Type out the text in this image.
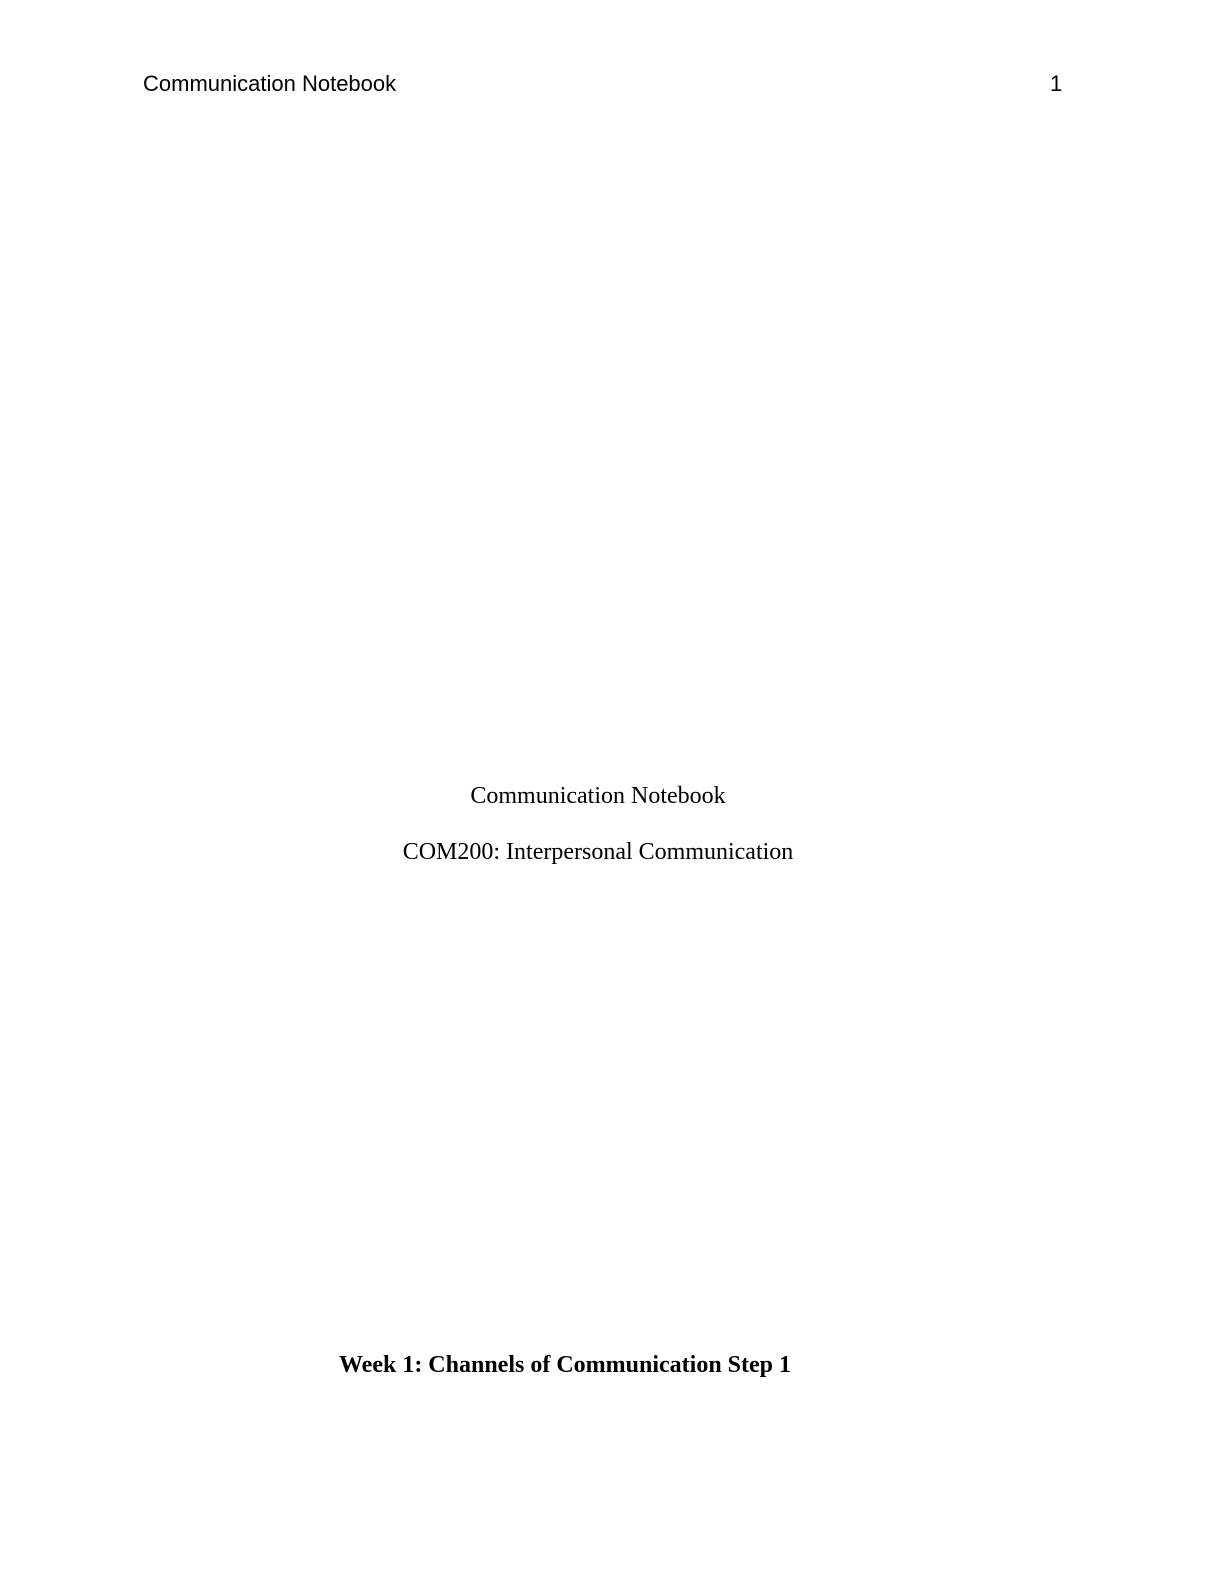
Communication Notebook	1
Communication Notebook
COM200: Interpersonal Communication
Week 1: Channels of Communication Step 1
